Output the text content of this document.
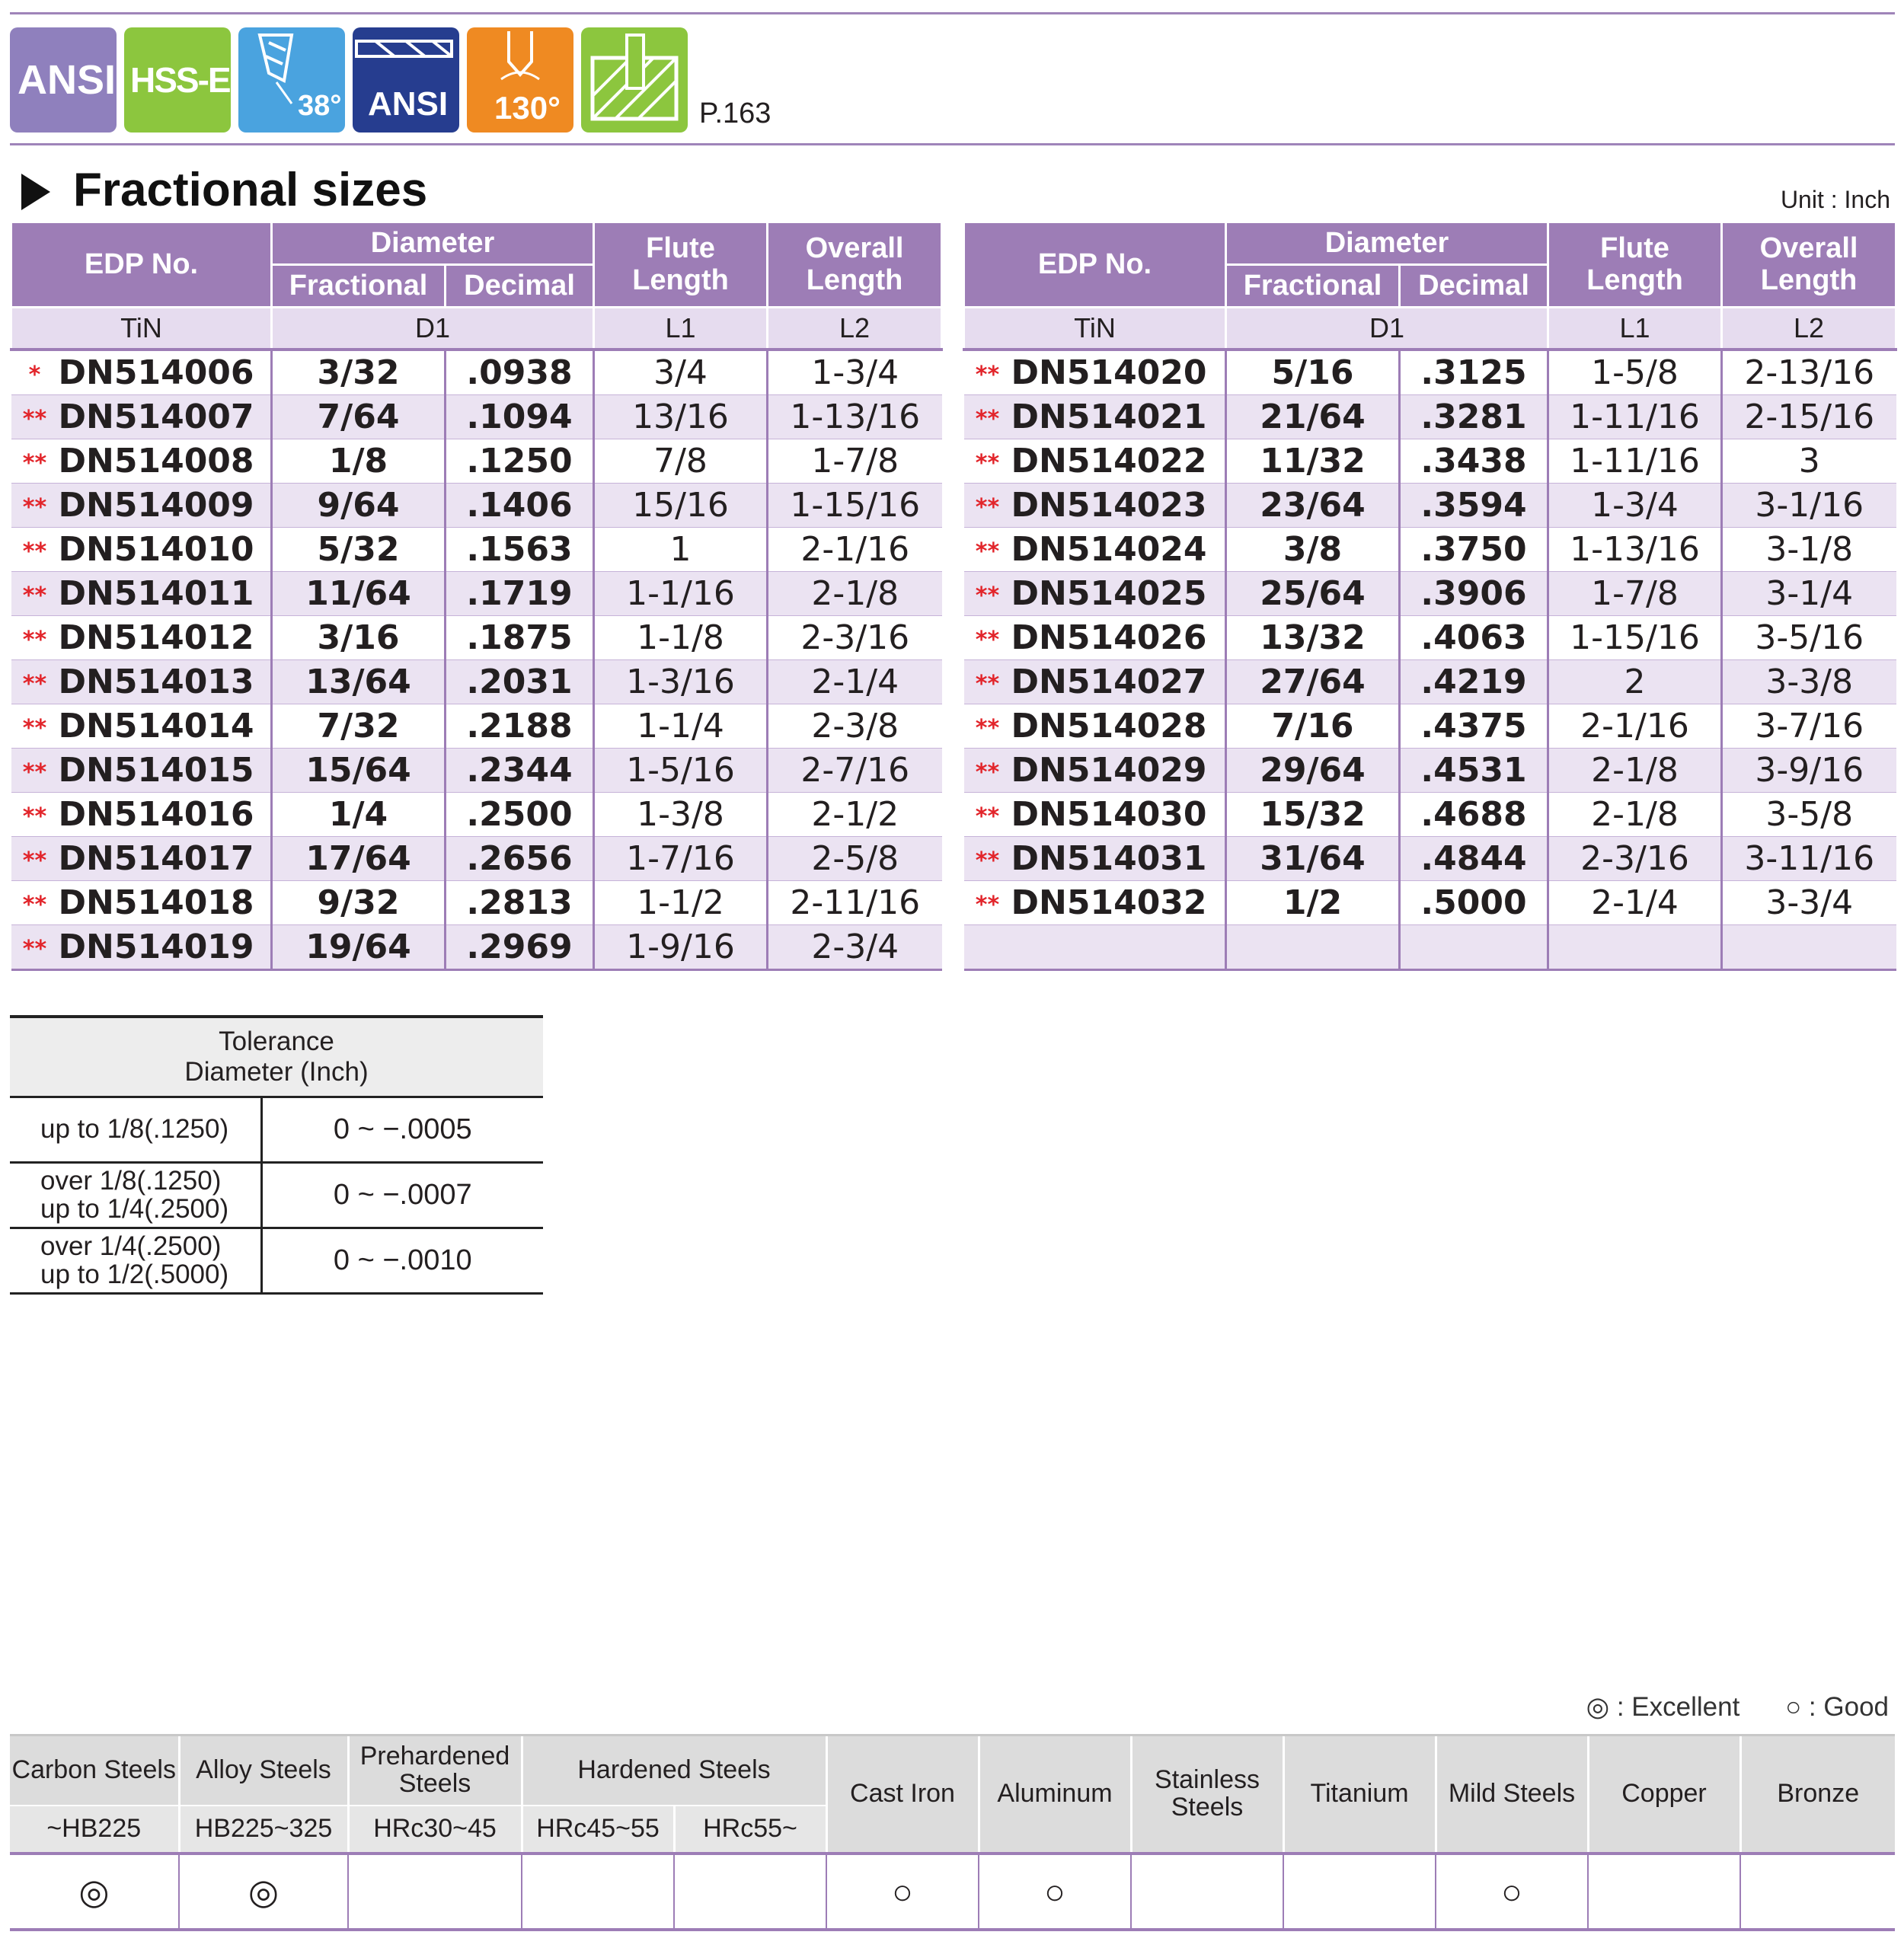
ANSI HSS-E
38° ANSI 130°	P.163
Fractional sizes	Unit : Inch
EDP No.	Diameter		Flute Length	Overall Length
	Fractional	Decimal		
TiN	D1		L1	L2
* DN514006	3/32	.0938	3/4	1-3/4
** DN514007	7/64	.1094	13/16	1-13/16
** DN514008	1/8	.1250	7/8	1-7/8
** DN514009	9/64	.1406	15/16	1-15/16
** DN514010	5/32	.1563	1	2-1/16
** DN514011	11/64	.1719	1-1/16	2-1/8
** DN514012	3/16	.1875	1-1/8	2-3/16
** DN514013	13/64	.2031	1-3/16	2-1/4
** DN514014	7/32	.2188	1-1/4	2-3/8
** DN514015	15/64	.2344	1-5/16	2-7/16
** DN514016	1/4	.2500	1-3/8	2-1/2
** DN514017	17/64	.2656	1-7/16	2-5/8
** DN514018	9/32	.2813	1-1/2	2-11/16
** DN514019	19/64	.2969	1-9/16	2-3/4
EDP No.	Diameter		Flute Length	Overall Length
	Fractional	Decimal		
TiN	D1		L1	L2
** DN514020	5/16	.3125	1-5/8	2-13/16
** DN514021	21/64	.3281	1-11/16	2-15/16
** DN514022	11/32	.3438	1-11/16	3
** DN514023	23/64	.3594	1-3/4	3-1/16
** DN514024	3/8	.3750	1-13/16	3-1/8
** DN514025	25/64	.3906	1-7/8	3-1/4
** DN514026	13/32	.4063	1-15/16	3-5/16
** DN514027	27/64	.4219	2	3-3/8
** DN514028	7/16	.4375	2-1/16	3-7/16
** DN514029	29/64	.4531	2-1/8	3-9/16
** DN514030	15/32	.4688	2-1/8	3-5/8
** DN514031	31/64	.4844	2-3/16	3-11/16
** DN514032	1/2	.5000	2-1/4	3-3/4

Tolerance
Diameter (Inch)	

up to 1/8(.1250)	0 ~ −.0005

over 1/8(.1250)
up to 1/4(.2500)	0 ~ −.0007

over 1/4(.2500)
up to 1/2(.5000)	0 ~ −.0010
◎ : Excellent ○ : Good
Carbon Steels	Alloy Steels	Prehardened Steels	Hardened Steels		Cast Iron	Aluminum	Stainless Steels	Titanium	Mild Steels	Copper	Bronze
~HB225	HB225~325	HRc30~45	HRc45~55	HRc55~							
◎	◎				○	○			○		
